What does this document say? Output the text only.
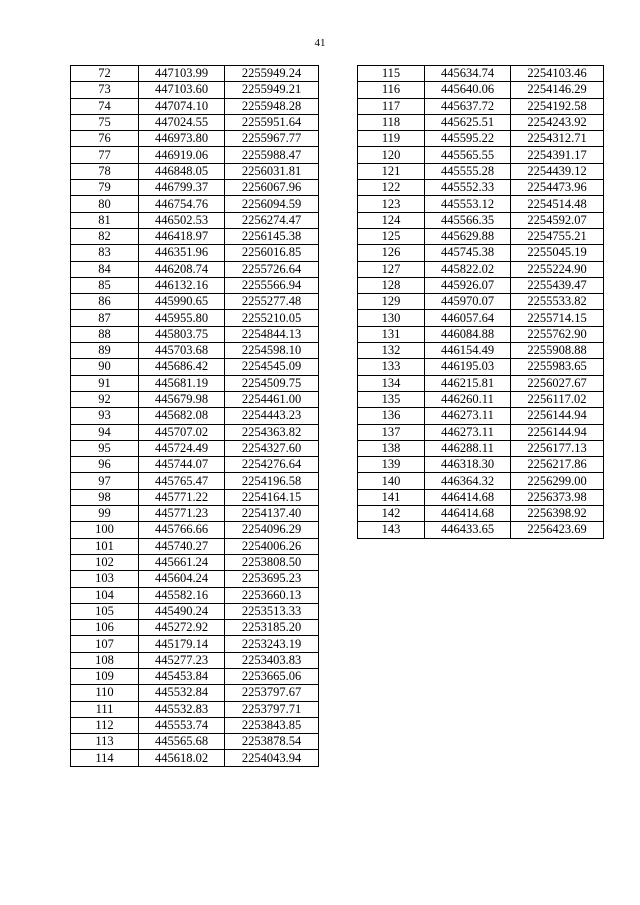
41
72	447103.99	2255949.24
73	447103.60	2255949.21
74	447074.10	2255948.28
75	447024.55	2255951.64
76	446973.80	2255967.77
77	446919.06	2255988.47
78	446848.05	2256031.81
79	446799.37	2256067.96
80	446754.76	2256094.59
81	446502.53	2256274.47
82	446418.97	2256145.38
83	446351.96	2256016.85
84	446208.74	2255726.64
85	446132.16	2255566.94
86	445990.65	2255277.48
87	445955.80	2255210.05
88	445803.75	2254844.13
89	445703.68	2254598.10
90	445686.42	2254545.09
91	445681.19	2254509.75
92	445679.98	2254461.00
93	445682.08	2254443.23
94	445707.02	2254363.82
95	445724.49	2254327.60
96	445744.07	2254276.64
97	445765.47	2254196.58
98	445771.22	2254164.15
99	445771.23	2254137.40
100	445766.66	2254096.29
101	445740.27	2254006.26
102	445661.24	2253808.50
103	445604.24	2253695.23
104	445582.16	2253660.13
105	445490.24	2253513.33
106	445272.92	2253185.20
107	445179.14	2253243.19
108	445277.23	2253403.83
109	445453.84	2253665.06
110	445532.84	2253797.67
111	445532.83	2253797.71
112	445553.74	2253843.85
113	445565.68	2253878.54
114	445618.02	2254043.94
115	445634.74	2254103.46
116	445640.06	2254146.29
117	445637.72	2254192.58
118	445625.51	2254243.92
119	445595.22	2254312.71
120	445565.55	2254391.17
121	445555.28	2254439.12
122	445552.33	2254473.96
123	445553.12	2254514.48
124	445566.35	2254592.07
125	445629.88	2254755.21
126	445745.38	2255045.19
127	445822.02	2255224.90
128	445926.07	2255439.47
129	445970.07	2255533.82
130	446057.64	2255714.15
131	446084.88	2255762.90
132	446154.49	2255908.88
133	446195.03	2255983.65
134	446215.81	2256027.67
135	446260.11	2256117.02
136	446273.11	2256144.94
137	446273.11	2256144.94
138	446288.11	2256177.13
139	446318.30	2256217.86
140	446364.32	2256299.00
141	446414.68	2256373.98
142	446414.68	2256398.92
143	446433.65	2256423.69
